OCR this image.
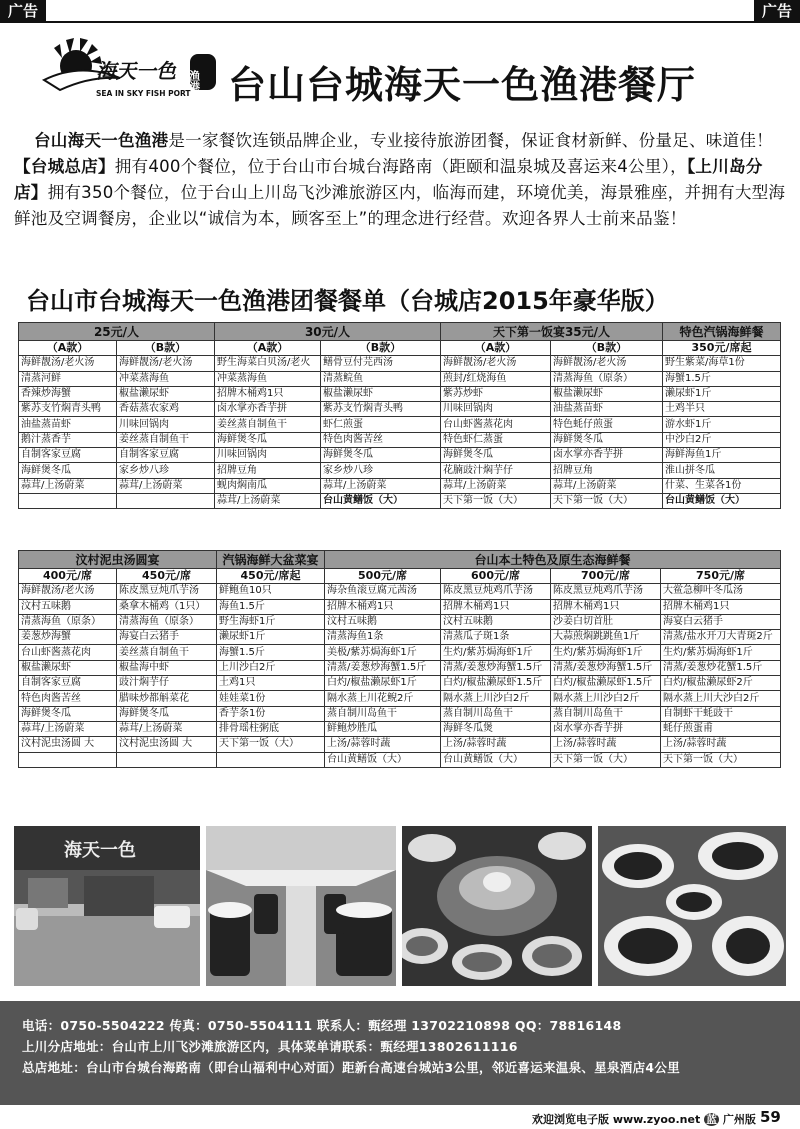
广告	广告
海天一色 渔港
SEA IN SKY FISH PORT 台山台城海天一色渔港餐厅
台山海天一色渔港是一家餐饮连锁品牌企业，专业接待旅游团餐，保证食材新鲜、份量足、味道佳！【台城总店】拥有400个餐位，位于台山市台城台海路南（距颐和温泉城及喜运来4公里），【上川岛分店】拥有350个餐位，位于台山上川岛飞沙滩旅游区内，临海而建，环境优美，海景雅座，并拥有大型海鲜池及空调餐房，企业以“诚信为本，顾客至上”的理念进行经营。欢迎各界人士前来品鉴！
台山市台城海天一色渔港团餐餐单（台城店2015年豪华版）
25元/人		30元/人		天下第一饭宴35元/人		特色汽锅海鲜餐
（A款）	（B款）	（A款）	（B款）	（A款）	（B款）	350元/席起
海鲜靓汤/老火汤	海鲜靓汤/老火汤	野生海菜白贝汤/老火	鳝骨豆付芫西汤	海鲜靓汤/老火汤	海鲜靓汤/老火汤	野生紫菜/海草1份
清蒸河鲜	冲菜蒸海鱼	冲菜蒸海鱼	清蒸鲩鱼	煎封/红烧海鱼	清蒸海鱼（原条）	海蟹1.5斤
香辣炒海蟹	椒盐濑尿虾	招牌木桶鸡1只	椒盐濑尿虾	紫苏炒虾	椒盐濑尿虾	濑尿虾1斤
紫苏支竹焖青头鸭	香菇蒸农家鸡	卤水掌亦香芋拼	紫苏支竹焖青头鸭	川味回锅肉	油盐蒸苗虾	土鸡半只
油盐蒸苗虾	川味回锅肉	姜丝蒸自制鱼干	虾仁煎蛋	台山虾酱蒸花肉	特色蚝仔煎蛋	游水虾1斤
鹅汁蒸香芋	姜丝蒸自制鱼干	海鲜煲冬瓜	特色肉酱苦丝	特色虾仁蒸蛋	海鲜煲冬瓜	中沙白2斤
自制客家豆腐	自制客家豆腐	川味回锅肉	海鲜煲冬瓜	海鲜煲冬瓜	卤水掌亦香芋拼	海鲜海鱼1斤
海鲜煲冬瓜	家乡炒八珍	招牌豆角	家乡炒八珍	花腩豉汁焖芋仔	招牌豆角	淮山拼冬瓜
蒜茸/上汤蔚菜	蒜茸/上汤蔚菜	蚬肉焖南瓜	蒜茸/上汤蔚菜	蒜茸/上汤蔚菜	蒜茸/上汤蔚菜	什菜、生菜各1份
		蒜茸/上汤蔚菜	台山黄鳝饭（大）	天下第一饭（大）	天下第一饭（大）	台山黄鳝饭（大）
汶村泥虫汤圆宴		汽锅海鲜大盆菜宴	台山本土特色及原生态海鲜餐			
400元/席	450元/席	450元/席起	500元/席	600元/席	700元/席	750元/席
海鲜靓汤/老火汤	陈皮黑豆炖爪芋汤	鲜鲍鱼10只	海杂鱼滚豆腐元茜汤	陈皮黑豆炖鸡爪芋汤	陈皮黑豆炖鸡爪芋汤	大鲎急柳叶冬瓜汤
汶村五味鹅	桑拿木桶鸡（1只）	海鱼1.5斤	招牌木桶鸡1只	招牌木桶鸡1只	招牌木桶鸡1只	招牌木桶鸡1只
清蒸海鱼（原条）	清蒸海鱼（原条）	野生海虾1斤	汶村五味鹅	汶村五味鹅	沙姜白切首肚	海宴白云猪手
姜葱炒海蟹	海宴白云猪手	濑尿虾1斤	清蒸海鱼1条	清蒸瓜子斑1条	大蒜煎焖跳跳鱼1斤	清蒸/盐水开刀大青斑2斤
台山虾酱蒸花肉	姜丝蒸自制鱼干	海蟹1.5斤	美极/紫苏焗海虾1斤	生灼/紫苏焗海虾1斤	生灼/紫苏焗海虾1斤	生灼/紫苏焗海虾1斤
椒盐濑尿虾	椒盐海中虾	上川沙白2斤	清蒸/姜葱炒海蟹1.5斤	清蒸/姜葱炒海蟹1.5斤	清蒸/姜葱炒海蟹1.5斤	清蒸/姜葱炒花蟹1.5斤
自制客家豆腐	豉汁焖芋仔	土鸡1只	白灼/椒盐濑尿虾1斤	白灼/椒盐濑尿虾1.5斤	白灼/椒盐濑尿虾1.5斤	白灼/椒盐濑尿虾2斤
特色肉酱苦丝	腊味炒都斛菜花	娃娃菜1份	隔水蒸上川花鲵2斤	隔水蒸上川沙白2斤	隔水蒸上川沙白2斤	隔水蒸上川大沙白2斤
海鲜煲冬瓜	海鲜煲冬瓜	香芋条1份	蒸自制川岛鱼干	蒸自制川岛鱼干	蒸自制川岛鱼干	自制虾干蚝豉干
蒜茸/上汤蔚菜	蒜茸/上汤蔚菜	排骨瑶柱粥底	鲜鲍炒胜瓜	海鲜冬瓜煲	卤水掌亦香芋拼	蚝仔煎蛋甫
汶村泥虫汤圆 大	汶村泥虫汤圆 大	天下第一饭（大）	上汤/蒜蓉时蔬	上汤/蒜蓉时蔬	上汤/蒜蓉时蔬	上汤/蒜蓉时蔬
			台山黄鳝饭（大）	台山黄鳝饭（大）	天下第一饭（大）	天下第一饭（大）
海天一色
电话：0750-5504222 传真：0750-5504111 联系人：甄经理 13702210898 QQ：78816148
上川分店地址：台山市上川飞沙滩旅游区内，具体菜单请联系：甄经理13802611116
总店地址：台山市台城台海路南（即台山福利中心对面）距新台高速台城站3公里，邻近喜运来温泉、星泉酒店4公里
欢迎浏览电子版 www.zyoo.net 蓝 广州版 59
